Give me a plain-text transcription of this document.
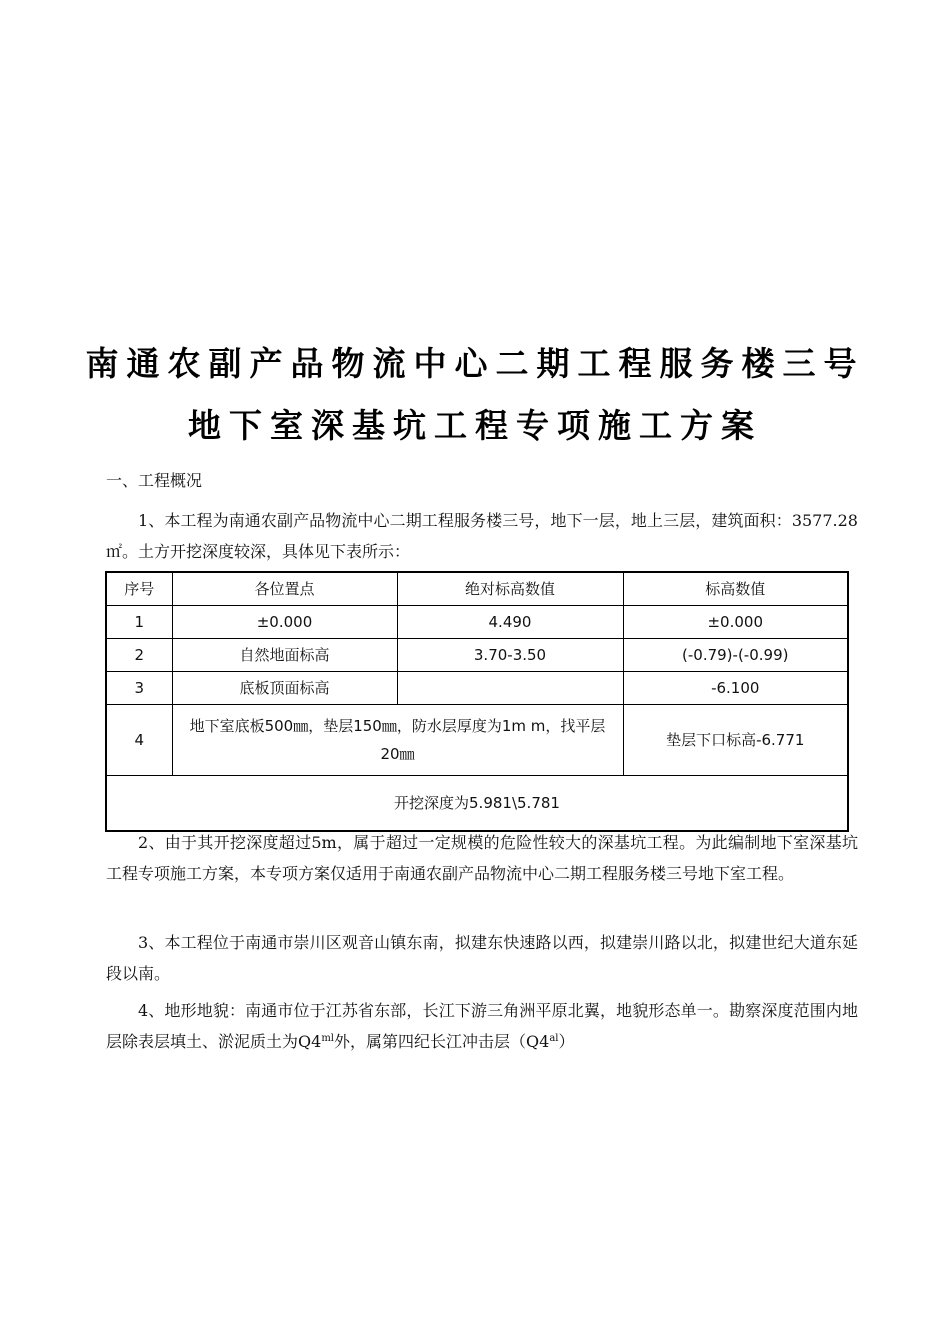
南通农副产品物流中心二期工程服务楼三号
地下室深基坑工程专项施工方案
一、工程概况
1、本工程为南通农副产品物流中心二期工程服务楼三号，地下一层，地上三层，建筑面积：3577.28㎡。土方开挖深度较深，具体见下表所示：
序号	各位置点	绝对标高数值	标高数值
1	±0.000	4.490	±0.000
2	自然地面标高	3.70-3.50	(-0.79)-(-0.99)
3	底板顶面标高		-6.100
4	地下室底板500㎜，垫层150㎜，防水层厚度为1m m，找平层20㎜		垫层下口标高-6.771
开挖深度为5.981\5.781			
2、由于其开挖深度超过5m，属于超过一定规模的危险性较大的深基坑工程。为此编制地下室深基坑工程专项施工方案，本专项方案仅适用于南通农副产品物流中心二期工程服务楼三号地下室工程。
3、本工程位于南通市崇川区观音山镇东南，拟建东快速路以西，拟建崇川路以北，拟建世纪大道东延段以南。
4、地形地貌：南通市位于江苏省东部，长江下游三角洲平原北翼，地貌形态单一。勘察深度范围内地层除表层填土、淤泥质土为$Q4^{ml}$外，属第四纪长江冲击层$(Q4^{al})$
